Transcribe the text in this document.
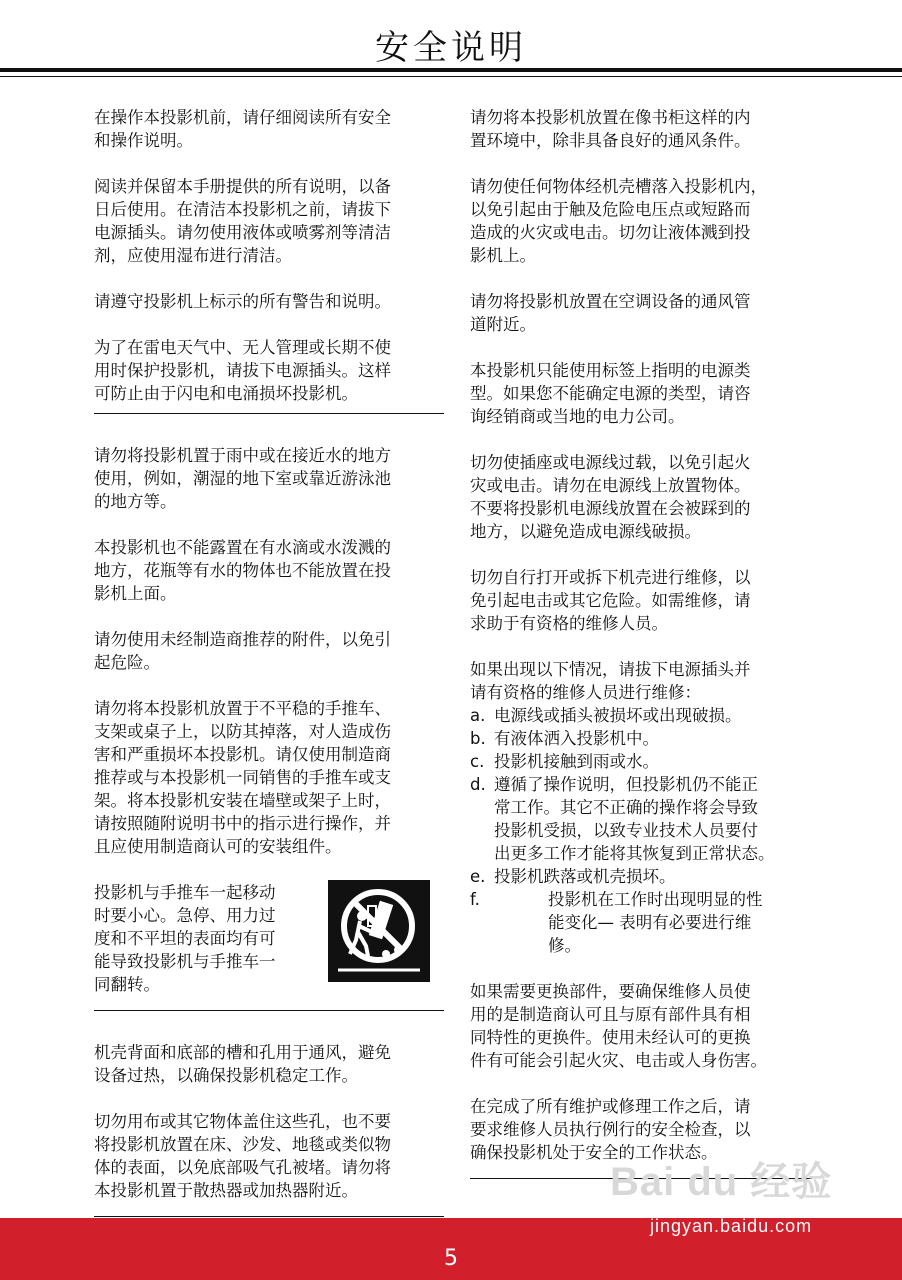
安全说明

在操作本投影机前，请仔细阅读所有安全
和操作说明。

阅读并保留本手册提供的所有说明，以备
日后使用。在清洁本投影机之前，请拔下
电源插头。请勿使用液体或喷雾剂等清洁
剂，应使用湿布进行清洁。

请遵守投影机上标示的所有警告和说明。

为了在雷电天气中、无人管理或长期不使
用时保护投影机，请拔下电源插头。这样
可防止由于闪电和电涌损坏投影机。

请勿将投影机置于雨中或在接近水的地方
使用，例如，潮湿的地下室或靠近游泳池
的地方等。

本投影机也不能露置在有水滴或水泼溅的
地方，花瓶等有水的物体也不能放置在投
影机上面。

请勿使用未经制造商推荐的附件，以免引
起危险。

请勿将本投影机放置于不平稳的手推车、
支架或桌子上，以防其掉落，对人造成伤
害和严重损坏本投影机。请仅使用制造商
推荐或与本投影机一同销售的手推车或支
架。将本投影机安装在墙壁或架子上时，
请按照随附说明书中的指示进行操作，并
且应使用制造商认可的安装组件。

投影机与手推车一起移动
时要小心。急停、用力过
度和不平坦的表面均有可
能导致投影机与手推车一
同翻转。

机壳背面和底部的槽和孔用于通风，避免
设备过热，以确保投影机稳定工作。

切勿用布或其它物体盖住这些孔，也不要
将投影机放置在床、沙发、地毯或类似物
体的表面，以免底部吸气孔被堵。请勿将
本投影机置于散热器或加热器附近。

请勿将本投影机放置在像书柜这样的内
置环境中，除非具备良好的通风条件。

请勿使任何物体经机壳槽落入投影机内，
以免引起由于触及危险电压点或短路而
造成的火灾或电击。切勿让液体溅到投
影机上。

请勿将投影机放置在空调设备的通风管
道附近。

本投影机只能使用标签上指明的电源类
型。如果您不能确定电源的类型，请咨
询经销商或当地的电力公司。

切勿使插座或电源线过载，以免引起火
灾或电击。请勿在电源线上放置物体。
不要将投影机电源线放置在会被踩到的
地方，以避免造成电源线破损。

切勿自行打开或拆下机壳进行维修，以
免引起电击或其它危险。如需维修，请
求助于有资格的维修人员。

如果出现以下情况，请拔下电源插头并
请有资格的维修人员进行维修：

a. 电源线或插头被损坏或出现破损。
b. 有液体洒入投影机中。
c. 投影机接触到雨或水。
d. 遵循了操作说明，但投影机仍不能正
常工作。其它不正确的操作将会导致
投影机受损，以致专业技术人员要付
出更多工作才能将其恢复到正常状态。
e. 投影机跌落或机壳损坏。
f.	投影机在工作时出现明显的性
能变化— 表明有必要进行维
修。

如果需要更换部件，要确保维修人员使
用的是制造商认可且与原有部件具有相
同特性的更换件。使用未经认可的更换
件有可能会引起火灾、电击或人身伤害。

在完成了所有维护或修理工作之后，请
要求维修人员执行例行的安全检查，以
确保投影机处于安全的工作状态。

Bai du 经验
jingyan.baidu.com
5
